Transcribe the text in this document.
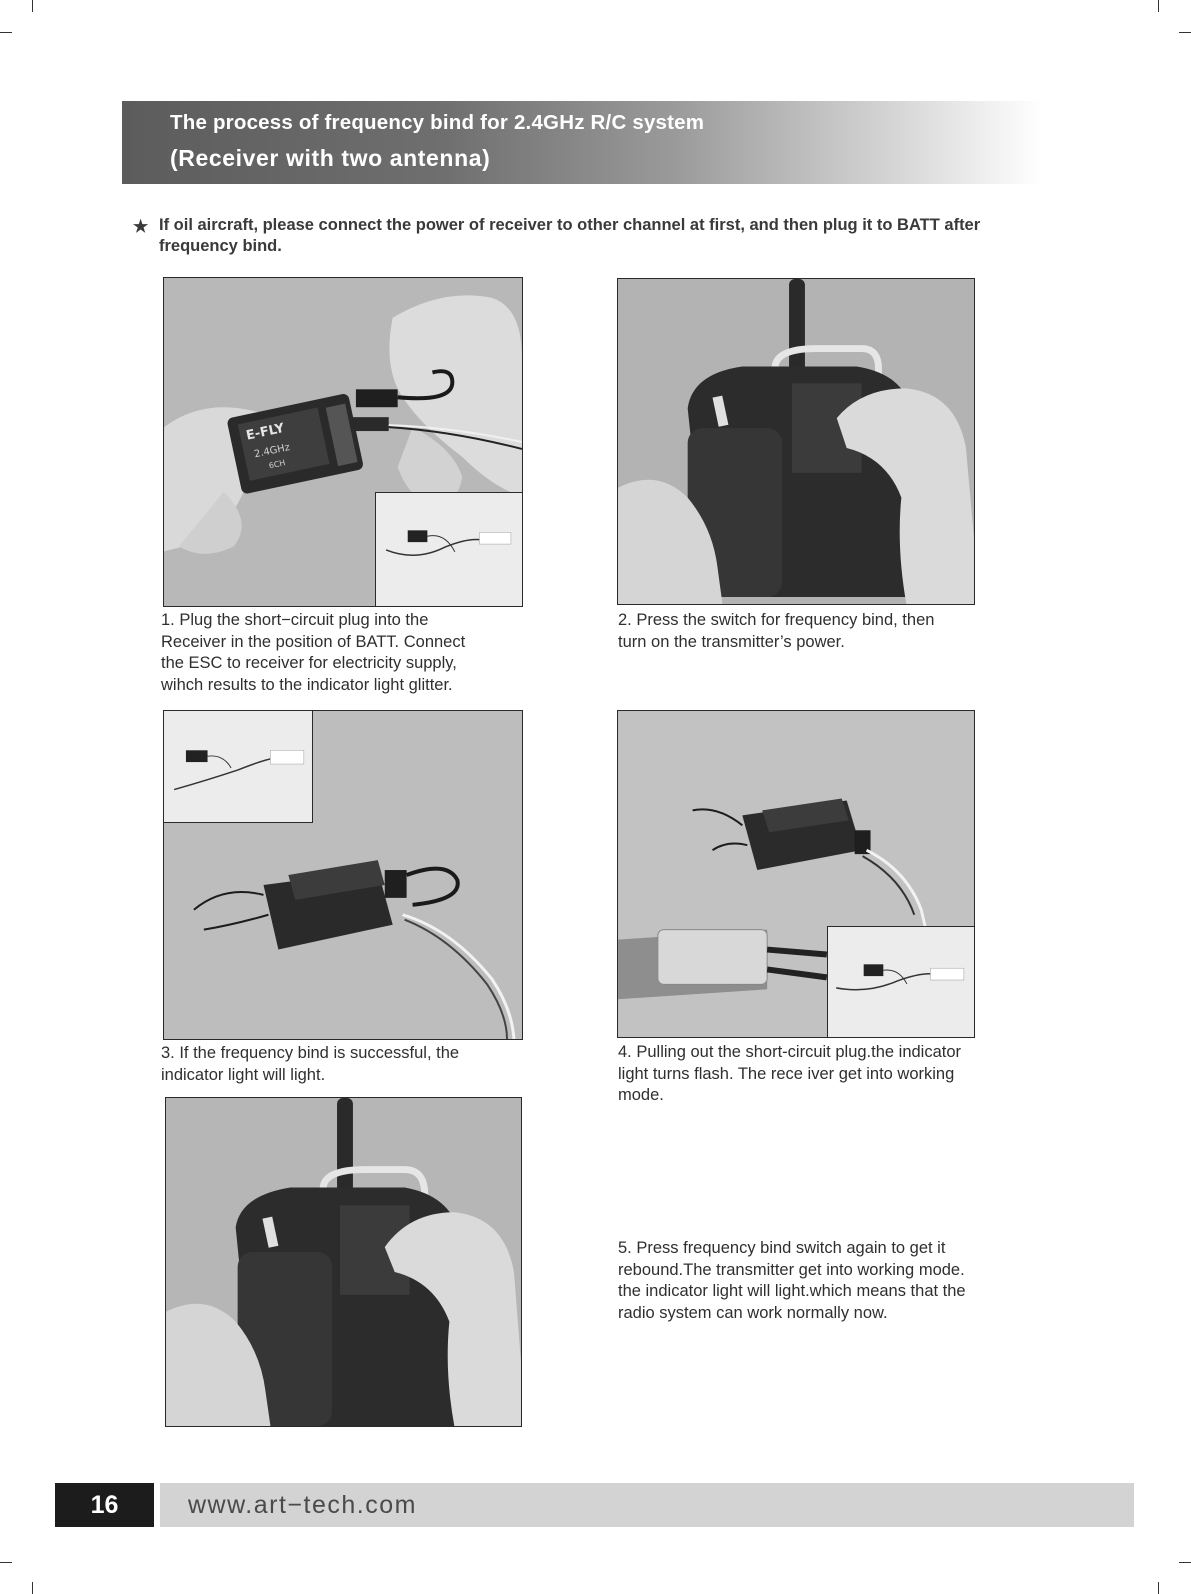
The process of frequency bind for 2.4GHz R/C system
(Receiver with two antenna)
★ If oil aircraft, please connect the power of receiver to other channel at first, and then plug it to BATT after frequency bind.
E-FLY
2.4GHz
6CH
1. Plug the short−circuit plug into the
Receiver in the position of BATT. Connect
the ESC to receiver for electricity supply,
wihch results to the indicator light glitter.
2. Press the switch for frequency bind, then
turn on the transmitter’s power.
3. If the frequency bind is successful, the
indicator light will light.
4. Pulling out the short-circuit plug.the indicator
light turns flash. The rece iver get into working
mode.
5. Press frequency bind switch again to get it
rebound.The transmitter get into working mode.
the indicator light will light.which means that the
radio system can work normally now.
16	www.art−tech.com
